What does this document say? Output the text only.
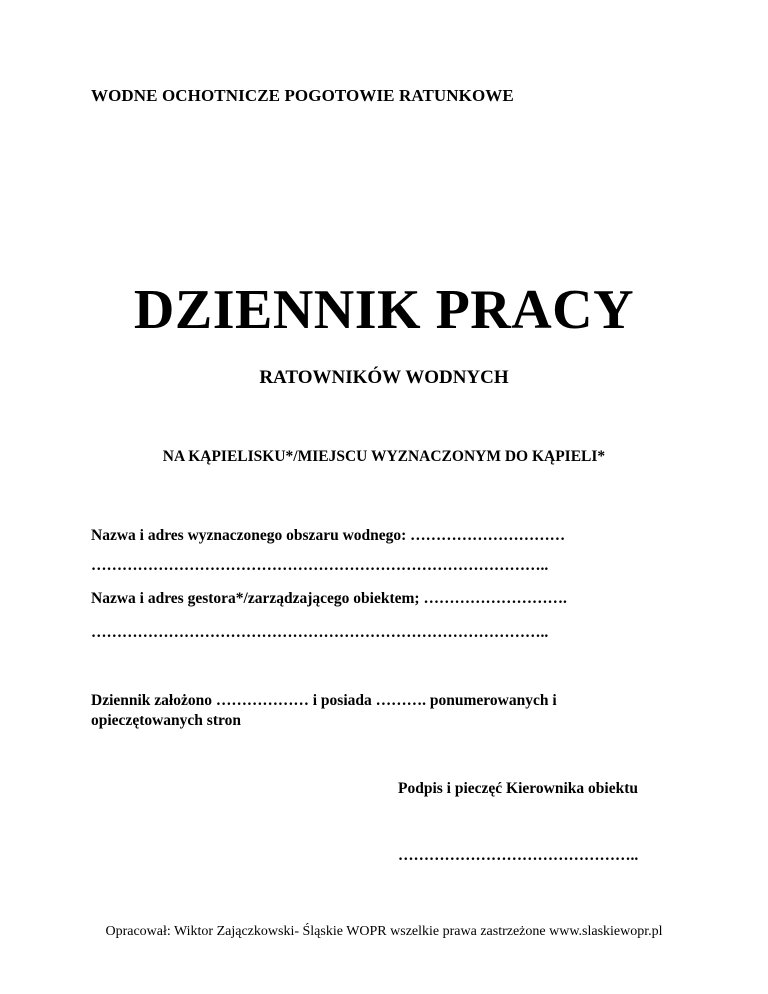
WODNE OCHOTNICZE POGOTOWIE RATUNKOWE
DZIENNIK PRACY
RATOWNIKÓW WODNYCH
NA KĄPIELISKU*/MIEJSCU WYZNACZONYM DO KĄPIELI*
Nazwa i adres wyznaczonego obszaru wodnego: …………………………
……………………………………………………………………………..
Nazwa i adres gestora*/zarządzającego obiektem; ……………………….
……………………………………………………………………………..
Dziennik założono ……………… i posiada ………. ponumerowanych i
opieczętowanych stron
Podpis i pieczęć Kierownika obiektu
………………………………………..
Opracował: Wiktor Zajączkowski- Śląskie WOPR wszelkie prawa zastrzeżone www.slaskiewopr.pl
